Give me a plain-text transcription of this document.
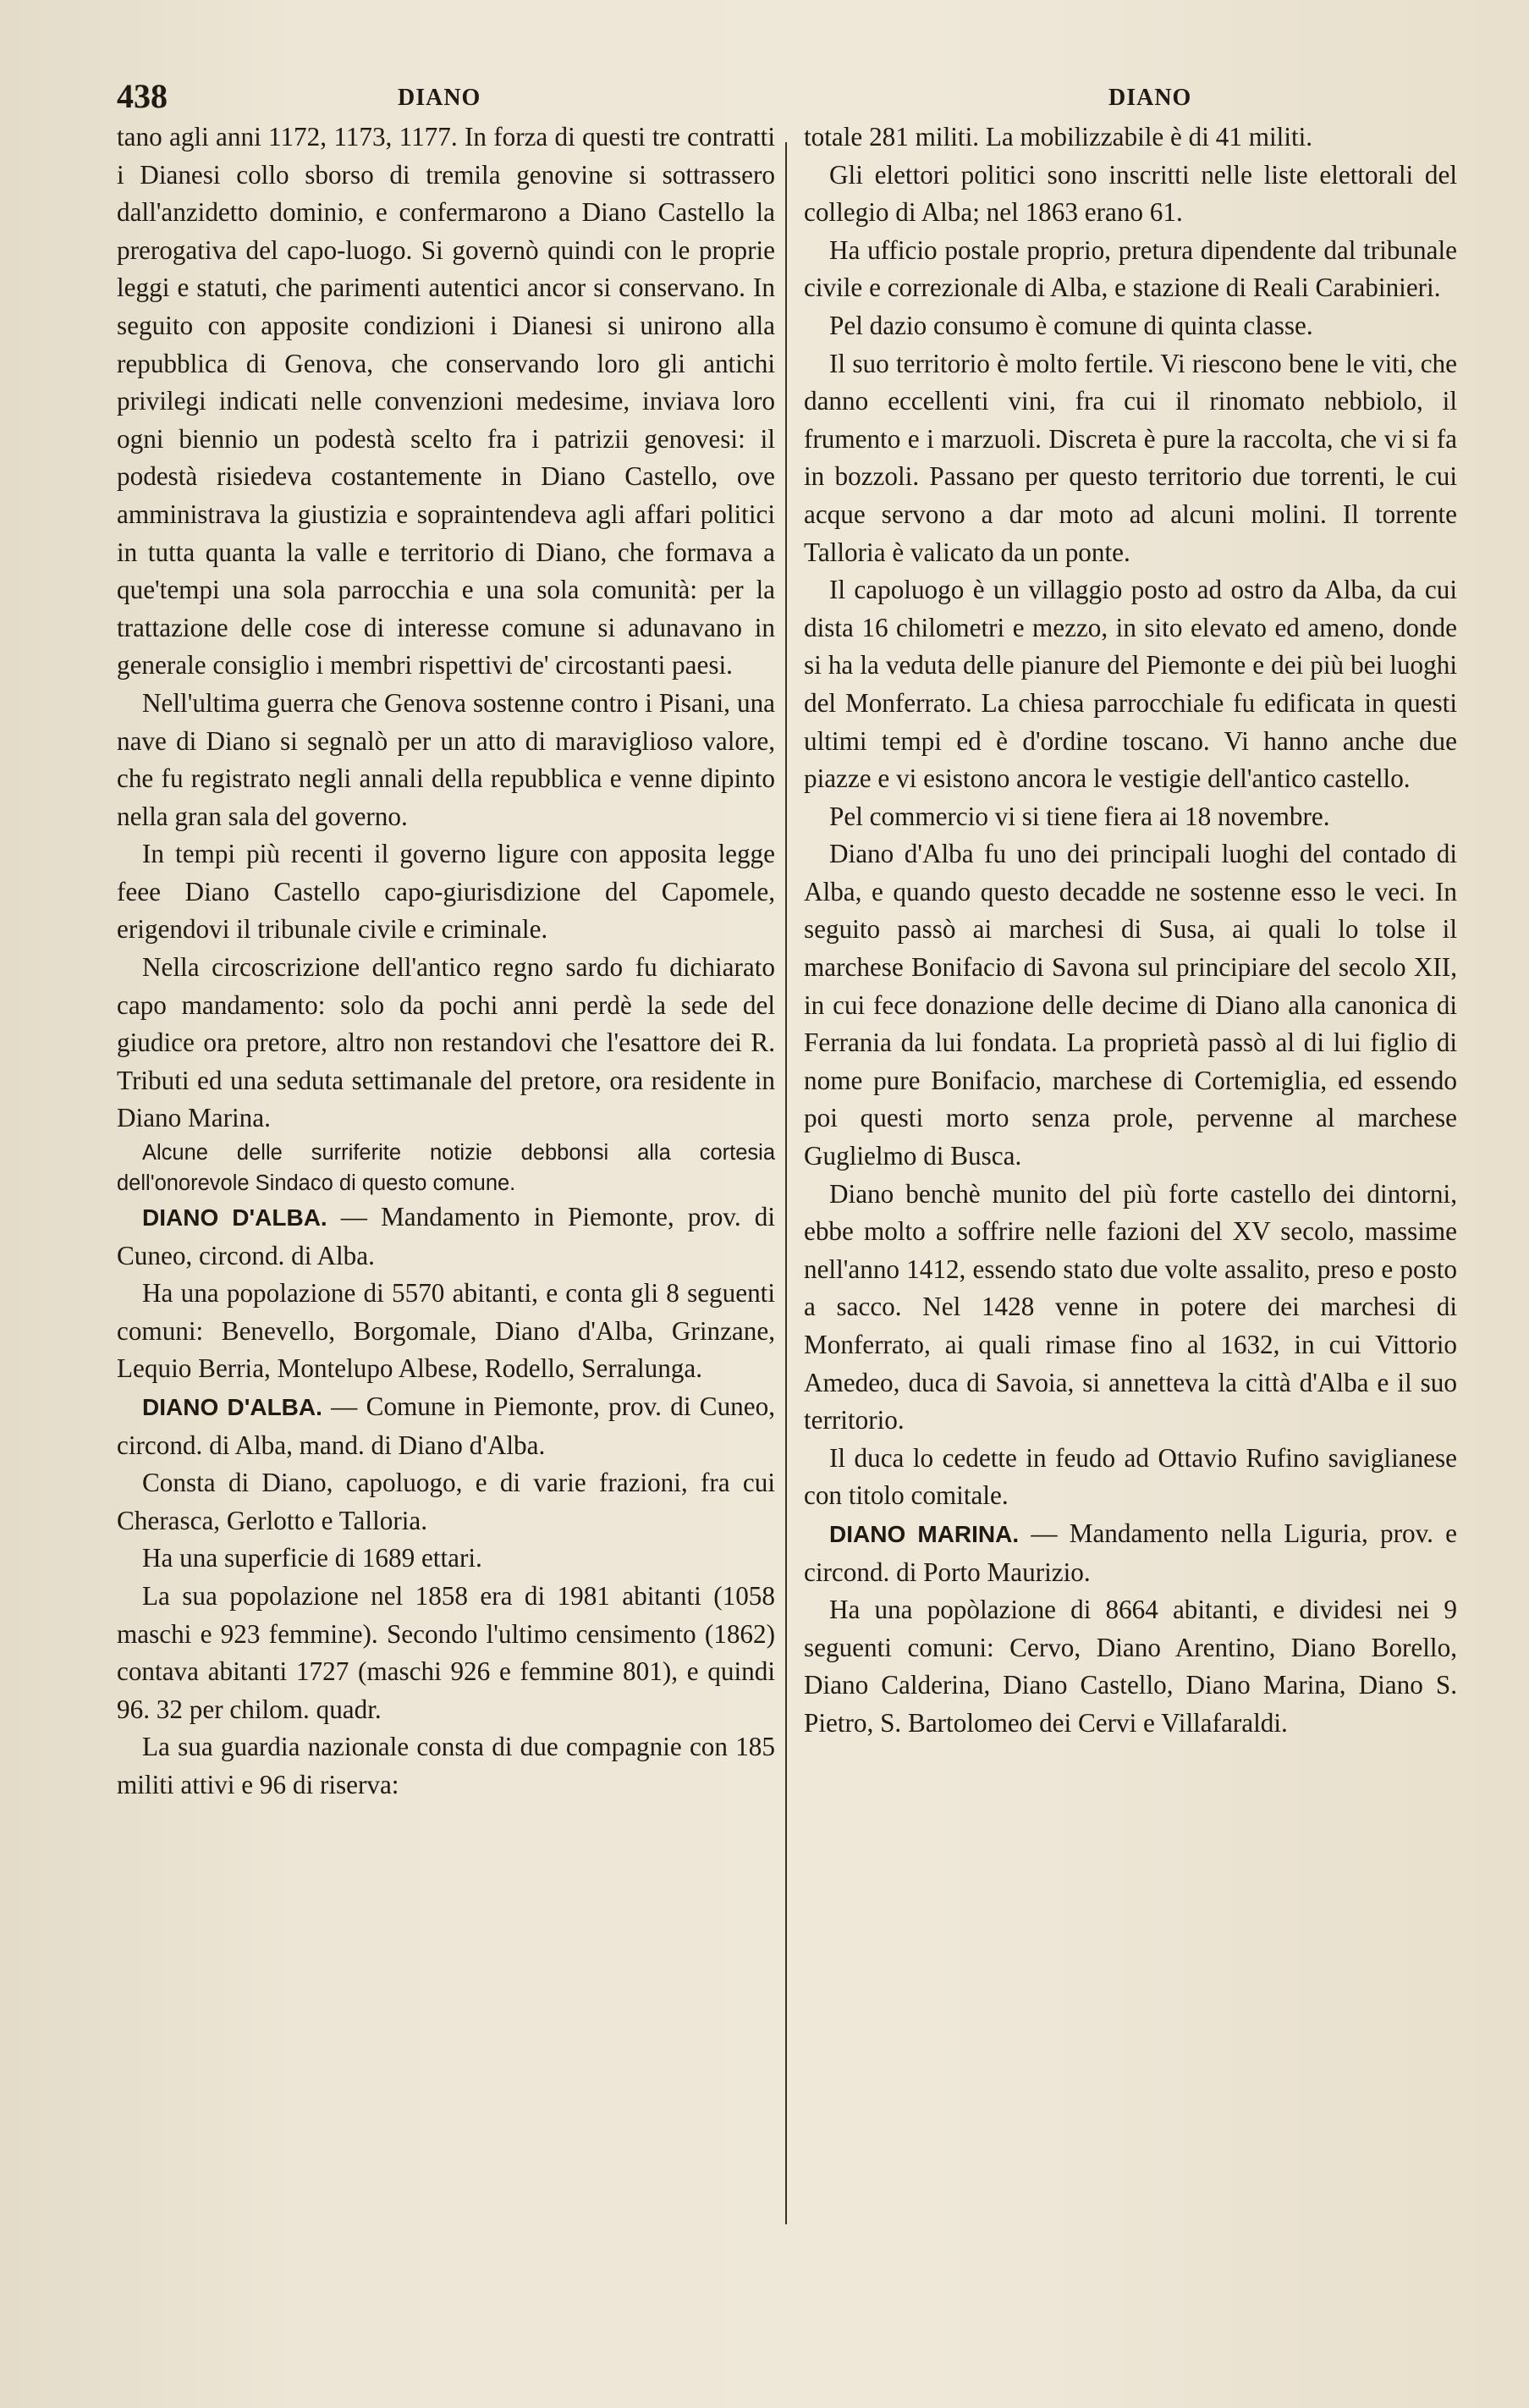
438	DIANO	DIANO

tano agli anni 1172, 1173, 1177. In forza di questi tre contratti i Dianesi collo sborso di tremila genovine si sottrassero dall'anzidetto dominio, e confermarono a Diano Castello la prerogativa del capo-luogo. Si governò quindi con le proprie leggi e statuti, che parimenti autentici ancor si conservano. In seguito con apposite condizioni i Dianesi si unirono alla repubblica di Genova, che conservando loro gli antichi privilegi indicati nelle convenzioni medesime, inviava loro ogni biennio un podestà scelto fra i patrizii genovesi: il podestà risiedeva costantemente in Diano Castello, ove amministrava la giustizia e sopraintendeva agli affari politici in tutta quanta la valle e territorio di Diano, che formava a que'tempi una sola parrocchia e una sola comunità: per la trattazione delle cose di interesse comune si adunavano in generale consiglio i membri rispettivi de' circostanti paesi.

Nell'ultima guerra che Genova sostenne contro i Pisani, una nave di Diano si segnalò per un atto di maraviglioso valore, che fu registrato negli annali della repubblica e venne dipinto nella gran sala del governo.

In tempi più recenti il governo ligure con apposita legge feee Diano Castello capo-giurisdizione del Capomele, erigendovi il tribunale civile e criminale.

Nella circoscrizione dell'antico regno sardo fu dichiarato capo mandamento: solo da pochi anni perdè la sede del giudice ora pretore, altro non restandovi che l'esattore dei R. Tributi ed una seduta settimanale del pretore, ora residente in Diano Marina.

Alcune delle surriferite notizie debbonsi alla cortesia dell'onorevole Sindaco di questo comune.

DIANO D'ALBA. — Mandamento in Piemonte, prov. di Cuneo, circond. di Alba.

Ha una popolazione di 5570 abitanti, e conta gli 8 seguenti comuni: Benevello, Borgomale, Diano d'Alba, Grinzane, Lequio Berria, Montelupo Albese, Rodello, Serralunga.

DIANO D'ALBA. — Comune in Piemonte, prov. di Cuneo, circond. di Alba, mand. di Diano d'Alba.

Consta di Diano, capoluogo, e di varie frazioni, fra cui Cherasca, Gerlotto e Talloria.

Ha una superficie di 1689 ettari.

La sua popolazione nel 1858 era di 1981 abitanti (1058 maschi e 923 femmine). Secondo l'ultimo censimento (1862) contava abitanti 1727 (maschi 926 e femmine 801), e quindi 96. 32 per chilom. quadr.

La sua guardia nazionale consta di due compagnie con 185 militi attivi e 96 di riserva:

totale 281 militi. La mobilizzabile è di 41 militi.

Gli elettori politici sono inscritti nelle liste elettorali del collegio di Alba; nel 1863 erano 61.

Ha ufficio postale proprio, pretura dipendente dal tribunale civile e correzionale di Alba, e stazione di Reali Carabinieri.

Pel dazio consumo è comune di quinta classe.

Il suo territorio è molto fertile. Vi riescono bene le viti, che danno eccellenti vini, fra cui il rinomato nebbiolo, il frumento e i marzuoli. Discreta è pure la raccolta, che vi si fa in bozzoli. Passano per questo territorio due torrenti, le cui acque servono a dar moto ad alcuni molini. Il torrente Talloria è valicato da un ponte.

Il capoluogo è un villaggio posto ad ostro da Alba, da cui dista 16 chilometri e mezzo, in sito elevato ed ameno, donde si ha la veduta delle pianure del Piemonte e dei più bei luoghi del Monferrato. La chiesa parrocchiale fu edificata in questi ultimi tempi ed è d'ordine toscano. Vi hanno anche due piazze e vi esistono ancora le vestigie dell'antico castello.

Pel commercio vi si tiene fiera ai 18 novembre.

Diano d'Alba fu uno dei principali luoghi del contado di Alba, e quando questo decadde ne sostenne esso le veci. In seguito passò ai marchesi di Susa, ai quali lo tolse il marchese Bonifacio di Savona sul principiare del secolo XII, in cui fece donazione delle decime di Diano alla canonica di Ferrania da lui fondata. La proprietà passò al di lui figlio di nome pure Bonifacio, marchese di Cortemiglia, ed essendo poi questi morto senza prole, pervenne al marchese Guglielmo di Busca.

Diano benchè munito del più forte castello dei dintorni, ebbe molto a soffrire nelle fazioni del XV secolo, massime nell'anno 1412, essendo stato due volte assalito, preso e posto a sacco. Nel 1428 venne in potere dei marchesi di Monferrato, ai quali rimase fino al 1632, in cui Vittorio Amedeo, duca di Savoia, si annetteva la città d'Alba e il suo territorio.

Il duca lo cedette in feudo ad Ottavio Rufino saviglianese con titolo comitale.

DIANO MARINA. — Mandamento nella Liguria, prov. e circond. di Porto Maurizio.

Ha una popòlazione di 8664 abitanti, e dividesi nei 9 seguenti comuni: Cervo, Diano Arentino, Diano Borello, Diano Calderina, Diano Castello, Diano Marina, Diano S. Pietro, S. Bartolomeo dei Cervi e Villafaraldi.
